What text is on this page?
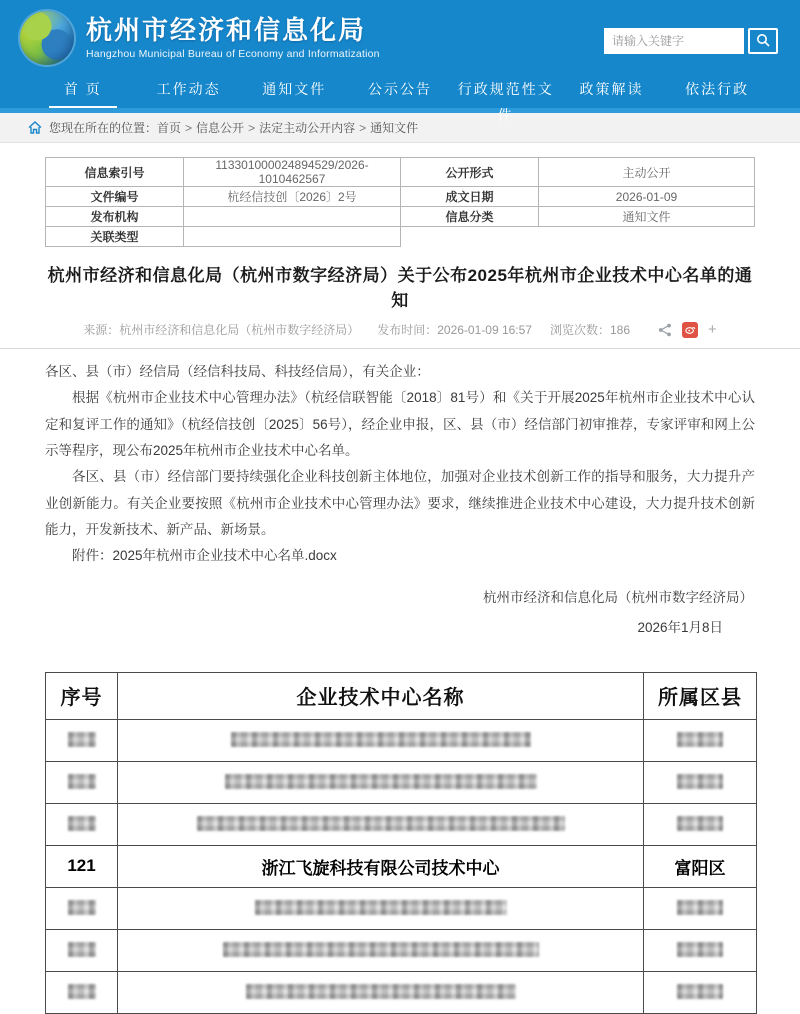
杭州市经济和信息化局
Hangzhou Municipal Bureau of Economy and Informatization
请输入关键字
首 页	工作动态	通知文件	公示公告	行政规范性文件
政策解读	依法行政
您现在所在的位置： 首页 > 信息公开 > 法定主动公开内容 > 通知文件
信息索引号	113301000024894529/2026-1010462567	公开形式	主动公开
文件编号	杭经信技创〔2026〕2号	成文日期	2026-01-09
发布机构		信息分类	通知文件
关联类型			
杭州市经济和信息化局（杭州市数字经济局）关于公布2025年杭州市企业技术中心名单的通知
来源：杭州市经济和信息化局（杭州市数字经济局） 发布时间：2026-01-09 16:57 浏览次数：186	+

各区、县（市）经信局（经信科技局、科技经信局），有关企业：

根据《杭州市企业技术中心管理办法》（杭经信联智能〔2018〕81号）和《关于开展2025年杭州市企业技术中心认定和复评工作的通知》（杭经信技创〔2025〕56号），经企业申报，区、县（市）经信部门初审推荐，专家评审和网上公示等程序，现公布2025年杭州市企业技术中心名单。

各区、县（市）经信部门要持续强化企业科技创新主体地位，加强对企业技术创新工作的指导和服务，大力提升产业创新能力。有关企业要按照《杭州市企业技术中心管理办法》要求，继续推进企业技术中心建设，大力提升技术创新能力，开发新技术、新产品、新场景。

附件：2025年杭州市企业技术中心名单.docx

杭州市经济和信息化局（杭州市数字经济局）
2026年1月8日
序号	企业技术中心名称	所属区县

121	浙江飞旋科技有限公司技术中心	富阳区
